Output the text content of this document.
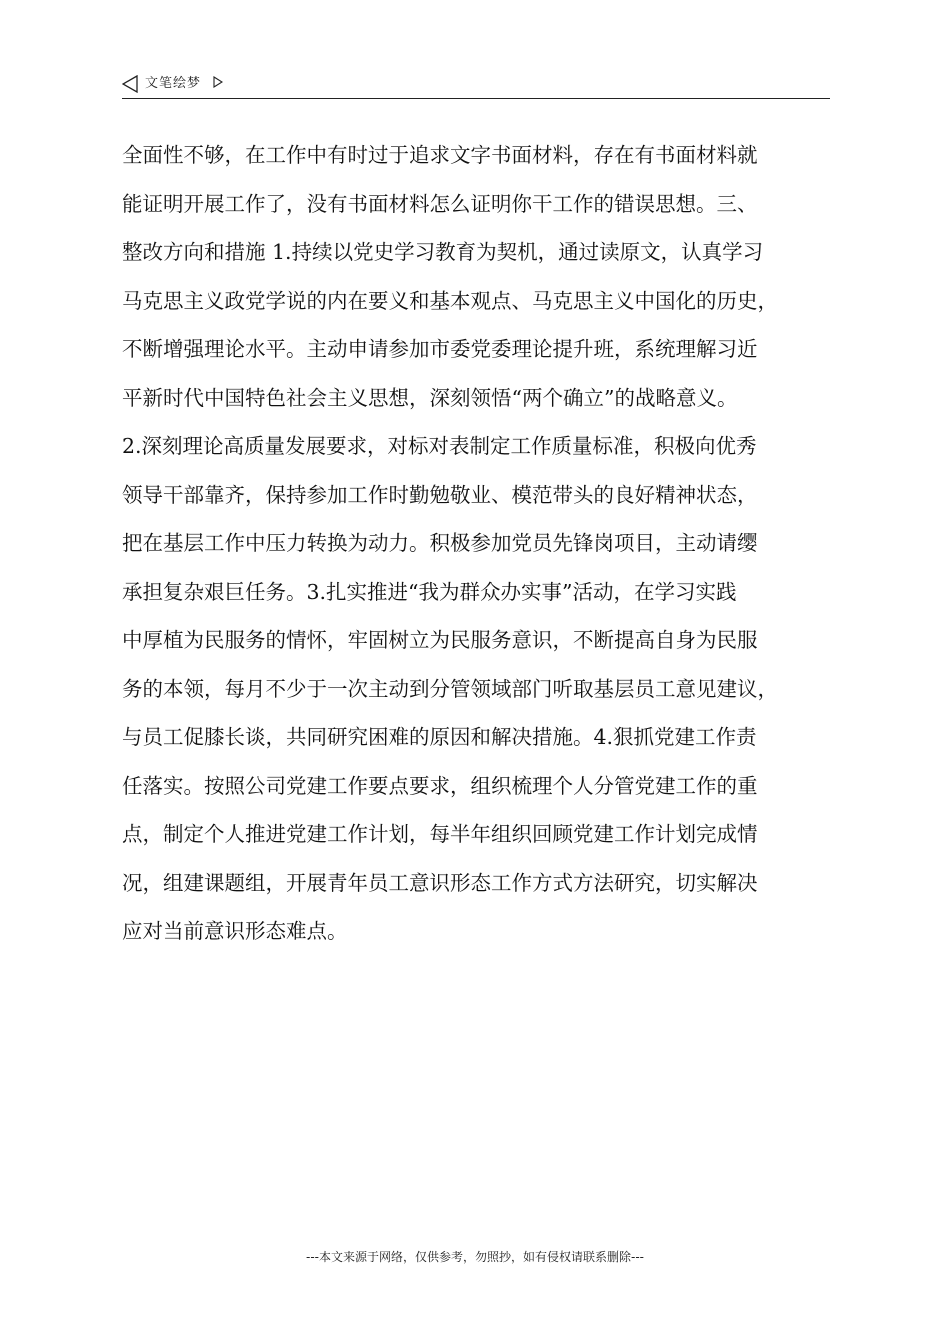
文笔绘梦
全面性不够，在工作中有时过于追求文字书面材料，存在有书面材料就
能证明开展工作了，没有书面材料怎么证明你干工作的错误思想。三、
整改方向和措施 1.持续以党史学习教育为契机，通过读原文，认真学习
马克思主义政党学说的内在要义和基本观点、马克思主义中国化的历史，
不断增强理论水平。主动申请参加市委党委理论提升班，系统理解习近
平新时代中国特色社会主义思想，深刻领悟“两个确立”的战略意义。
2.深刻理论高质量发展要求，对标对表制定工作质量标准，积极向优秀
领导干部靠齐，保持参加工作时勤勉敬业、模范带头的良好精神状态，
把在基层工作中压力转换为动力。积极参加党员先锋岗项目，主动请缨
承担复杂艰巨任务。3.扎实推进“我为群众办实事”活动，在学习实践
中厚植为民服务的情怀，牢固树立为民服务意识，不断提高自身为民服
务的本领，每月不少于一次主动到分管领域部门听取基层员工意见建议，
与员工促膝长谈，共同研究困难的原因和解决措施。4.狠抓党建工作责
任落实。按照公司党建工作要点要求，组织梳理个人分管党建工作的重
点，制定个人推进党建工作计划，每半年组织回顾党建工作计划完成情
况，组建课题组，开展青年员工意识形态工作方式方法研究，切实解决
应对当前意识形态难点。
---本文来源于网络，仅供参考，勿照抄，如有侵权请联系删除---
